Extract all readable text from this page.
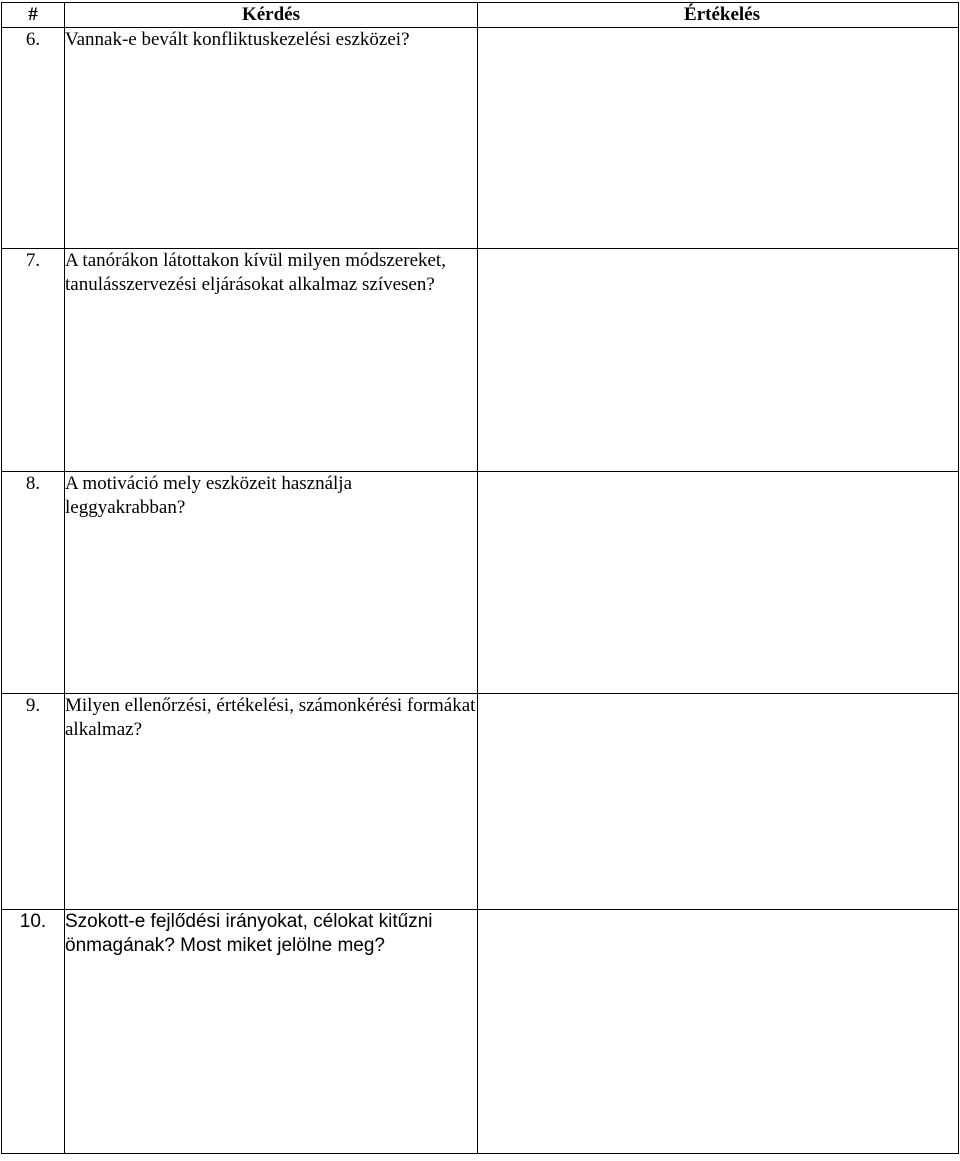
#	Kérdés	Értékelés
6.	Vannak-e bevált konfliktuskezelési eszközei?	
7.	A tanórákon látottakon kívül milyen módszereket, tanulásszervezési eljárásokat alkalmaz szívesen?	
8.	A motiváció mely eszközeit használja leggyakrabban?	
9.	Milyen ellenőrzési, értékelési, számonkérési formákat alkalmaz?	
10.	Szokott-e fejlődési irányokat, célokat kitűzni önmagának? Most miket jelölne meg?	
